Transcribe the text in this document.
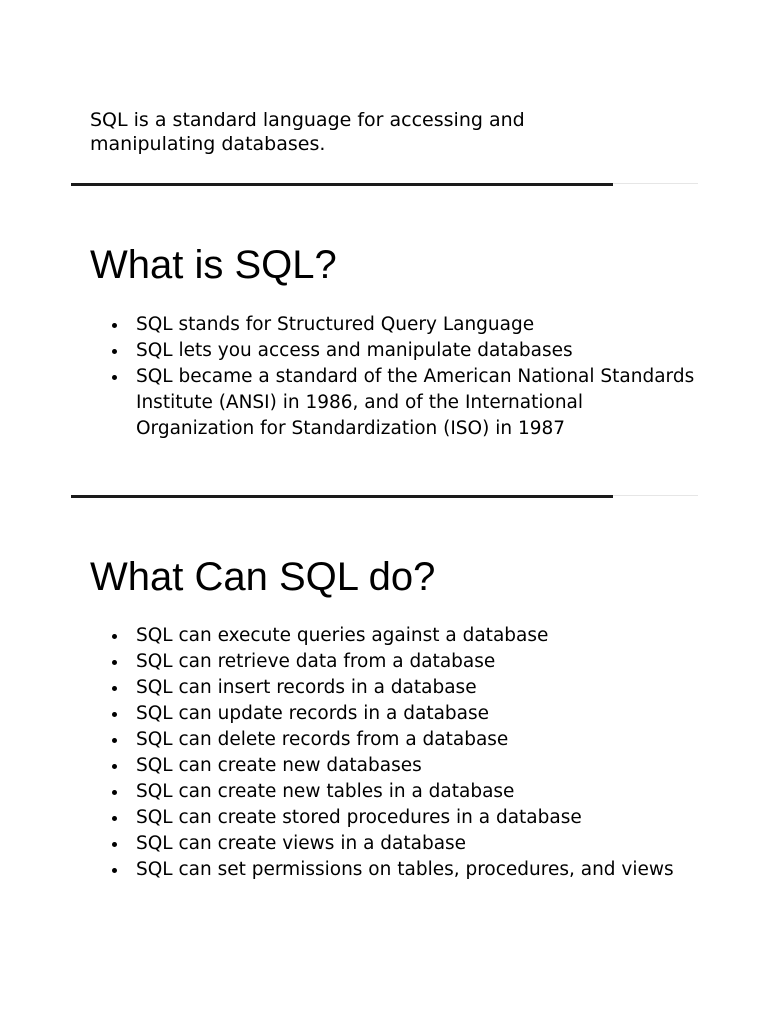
SQL is a standard language for accessing and manipulating databases.

What is SQL?
SQL stands for Structured Query Language
SQL lets you access and manipulate databases
SQL became a standard of the American National Standards Institute (ANSI) in 1986, and of the International Organization for Standardization (ISO) in 1987
What Can SQL do?
SQL can execute queries against a database
SQL can retrieve data from a database
SQL can insert records in a database
SQL can update records in a database
SQL can delete records from a database
SQL can create new databases
SQL can create new tables in a database
SQL can create stored procedures in a database
SQL can create views in a database
SQL can set permissions on tables, procedures, and views
